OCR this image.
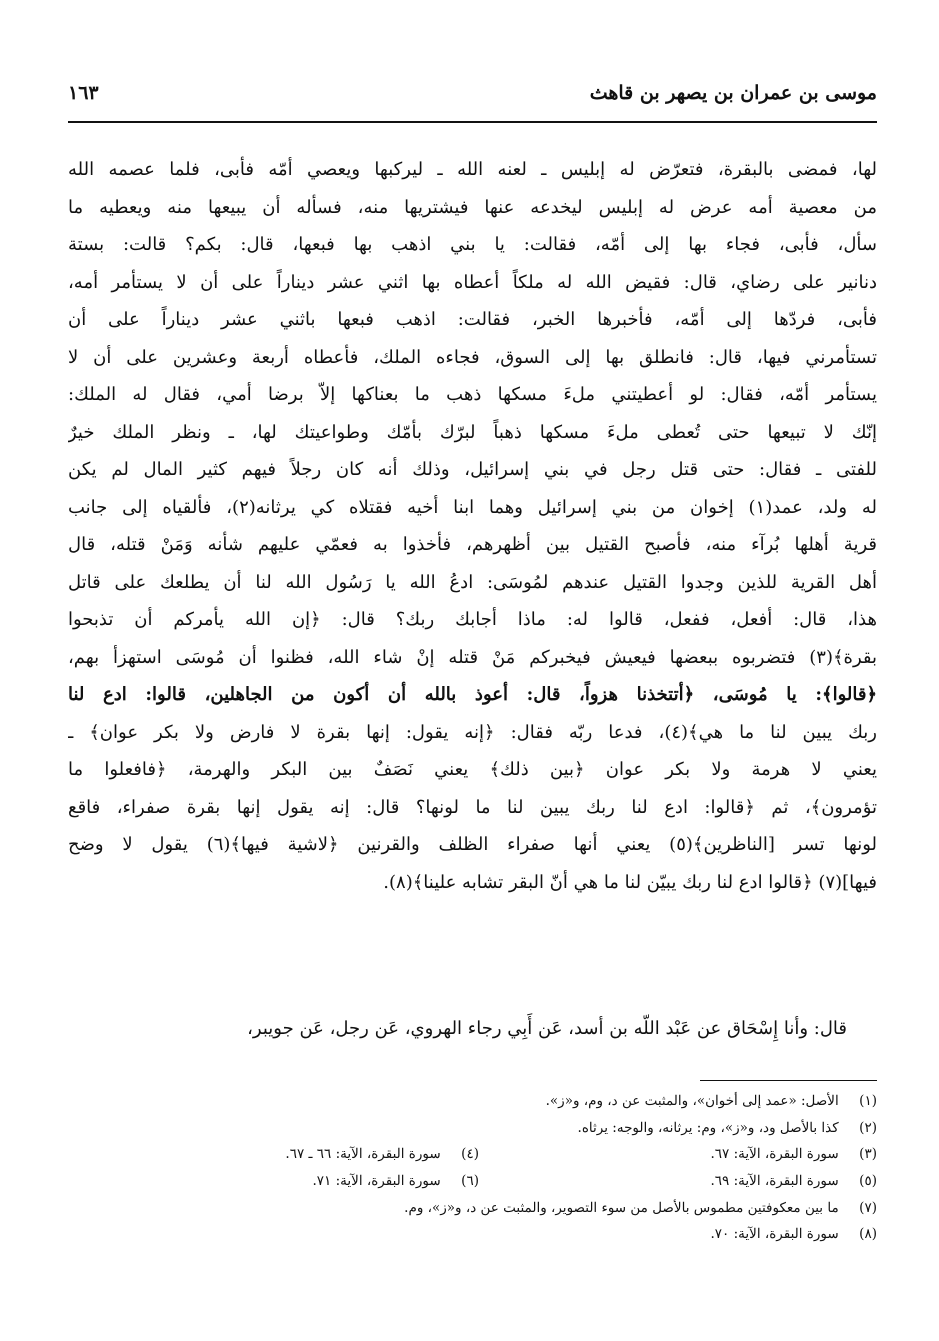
موسى بن عمران بن يصهر بن قاهث
١٦٣
لها، فمضى بالبقرة، فتعرّض له إبليس ـ لعنه الله ـ ليركبها ويعصي أمّه فأبى، فلما عصمه الله
من معصية أمه عرض له إبليس ليخدعه عنها فيشتريها منه، فسأله أن يبيعها منه ويعطيه ما
سأل، فأبى، فجاء بها إلى أمّه، فقالت: يا بني اذهب بها فبعها، قال: بكم؟ قالت: بستة
دنانير على رضاي، قال: فقيض الله له ملكاً أعطاه بها اثني عشر ديناراً على أن لا يستأمر أمه،
فأبى، فردّها إلى أمّه، فأخبرها الخبر، فقالت: اذهب فبعها باثني عشر ديناراً على أن
تستأمرني فيها، قال: فانطلق بها إلى السوق، فجاءه الملك، فأعطاه أربعة وعشرين على أن لا
يستأمر أمّه، فقال: لو أعطيتني ملءَ مسكها ذهب ما بعناكها إلاّ برضا أمي، فقال له الملك:
إنّك لا تبيعها حتى تُعطى ملءَ مسكها ذهباً لبرّك بأمّك وطواعيتك لها، ـ ونظر الملك خيرٌ
للفتى ـ فقال: حتى قتل رجل في بني إسرائيل، وذلك أنه كان رجلاً فيهم كثير المال لم يكن
له ولد، عمد(١) إخوان من بني إسرائيل وهما ابنا أخيه فقتلاه كي يرثانه(٢)، فألقياه إلى جانب
قرية أهلها بُرآء منه، فأصبح القتيل بين أظهرهم، فأخذوا به فعمّي عليهم شأنه وَمَنْ قتله، قال
أهل القرية للذين وجدوا القتيل عندهم لمُوسَى: ادعُ الله يا رَسُول الله لنا أن يطلعك على قاتل
هذا، قال: أفعل، ففعل، قالوا له: ماذا أجابك ربك؟ قال: ﴿إن الله يأمركم أن تذبحوا
بقرة﴾(٣) فتضربوه ببعضها فيعيش فيخبركم مَنْ قتله إنْ شاء الله، فظنوا أن مُوسَى استهزأ بهم،
﴿قالوا﴾: يا مُوسَى، ﴿أتتخذنا هزواً، قال: أعوذ بالله أن أكون من الجاهلين، قالوا: ادع لنا
ربك يبين لنا ما هي﴾(٤)، فدعا ربّه فقال: ﴿إنه يقول: إنها بقرة لا فارض ولا بكر عوان﴾ ـ
يعني لا هرمة ولا بكر عوان ﴿بين ذلك﴾ يعني نَصَفٌ بين البكر والهرمة، ﴿فافعلوا ما
تؤمرون﴾، ثم ﴿قالوا: ادع لنا ربك يبين لنا ما لونها؟ قال: إنه يقول إنها بقرة صفراء، فاقع
لونها تسر [الناظرين﴾(٥) يعني أنها صفراء الظلف والقرنين ﴿لاشية فيها﴾(٦) يقول لا وضح
فيها](٧) ﴿قالوا ادع لنا ربك يبيّن لنا ما هي أنّ البقر تشابه علينا﴾(٨).
قال: وأنا إِسْحَاق عن عَبْد اللّه بن أسد، عَن أَبِي رجاء الهروي، عَن رجل، عَن جويبر،
(١) الأصل: «عمد إلى أخوان»، والمثبت عن د، وم، و«ز».
(٢) كذا بالأصل ود، و«ز»، وم: يرثانه، والوجه: يرثاه.
(٣) سورة البقرة، الآية: ٦٧.
(٤) سورة البقرة، الآية: ٦٦ ـ ٦٧.
(٥) سورة البقرة، الآية: ٦٩.
(٦) سورة البقرة، الآية: ٧١.
(٧) ما بين معكوفتين مطموس بالأصل من سوء التصوير، والمثبت عن د، و«ز»، وم.
(٨) سورة البقرة، الآية: ٧٠.
